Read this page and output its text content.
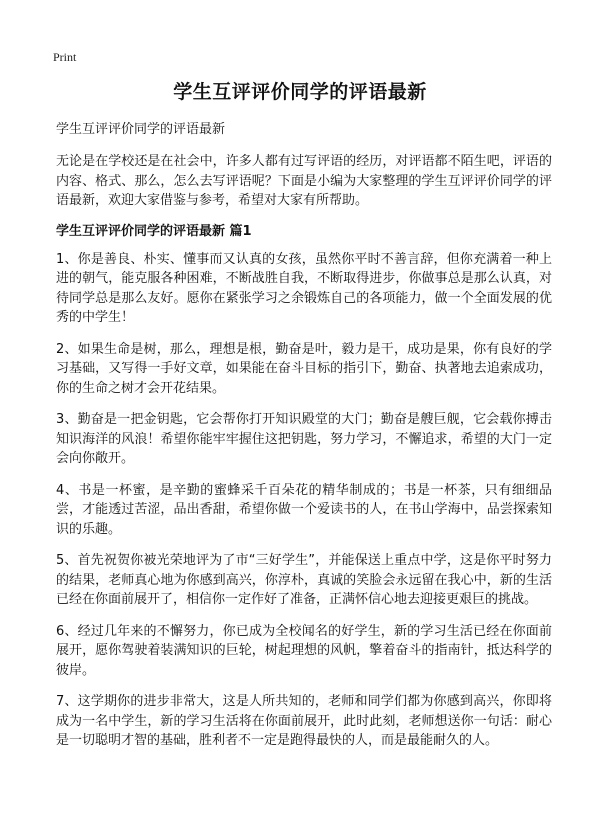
Print
学生互评评价同学的评语最新
学生互评评价同学的评语最新

无论是在学校还是在社会中，许多人都有过写评语的经历，对评语都不陌生吧，评语的内容、格式、那么，怎么去写评语呢？下面是小编为大家整理的学生互评评价同学的评语最新，欢迎大家借鉴与参考，希望对大家有所帮助。

学生互评评价同学的评语最新 篇1

1、你是善良、朴实、懂事而又认真的女孩，虽然你平时不善言辞，但你充满着一种上进的朝气，能克服各种困难，不断战胜自我，不断取得进步，你做事总是那么认真，对待同学总是那么友好。愿你在紧张学习之余锻炼自己的各项能力，做一个全面发展的优秀的中学生！

2、如果生命是树，那么，理想是根，勤奋是叶，毅力是干，成功是果，你有良好的学习基础，又写得一手好文章，如果能在奋斗目标的指引下，勤奋、执著地去追索成功，你的生命之树才会开花结果。

3、勤奋是一把金钥匙，它会帮你打开知识殿堂的大门；勤奋是艘巨舰，它会载你搏击知识海洋的风浪！希望你能牢牢握住这把钥匙，努力学习，不懈追求，希望的大门一定会向你敞开。

4、书是一杯蜜，是辛勤的蜜蜂采千百朵花的精华制成的；书是一杯茶，只有细细品尝，才能透过苦涩，品出香甜，希望你做一个爱读书的人，在书山学海中，品尝探索知识的乐趣。

5、首先祝贺你被光荣地评为了市“三好学生”，并能保送上重点中学，这是你平时努力的结果，老师真心地为你感到高兴，你淳朴，真诚的笑脸会永远留在我心中，新的生活已经在你面前展开了，相信你一定作好了准备，正满怀信心地去迎接更艰巨的挑战。

6、经过几年来的不懈努力，你已成为全校闻名的好学生，新的学习生活已经在你面前展开，愿你驾驶着装满知识的巨轮，树起理想的风帆，擎着奋斗的指南针，抵达科学的彼岸。

7、这学期你的进步非常大，这是人所共知的，老师和同学们都为你感到高兴，你即将成为一名中学生，新的学习生活将在你面前展开，此时此刻，老师想送你一句话：耐心是一切聪明才智的基础，胜利者不一定是跑得最快的人，而是最能耐久的人。
